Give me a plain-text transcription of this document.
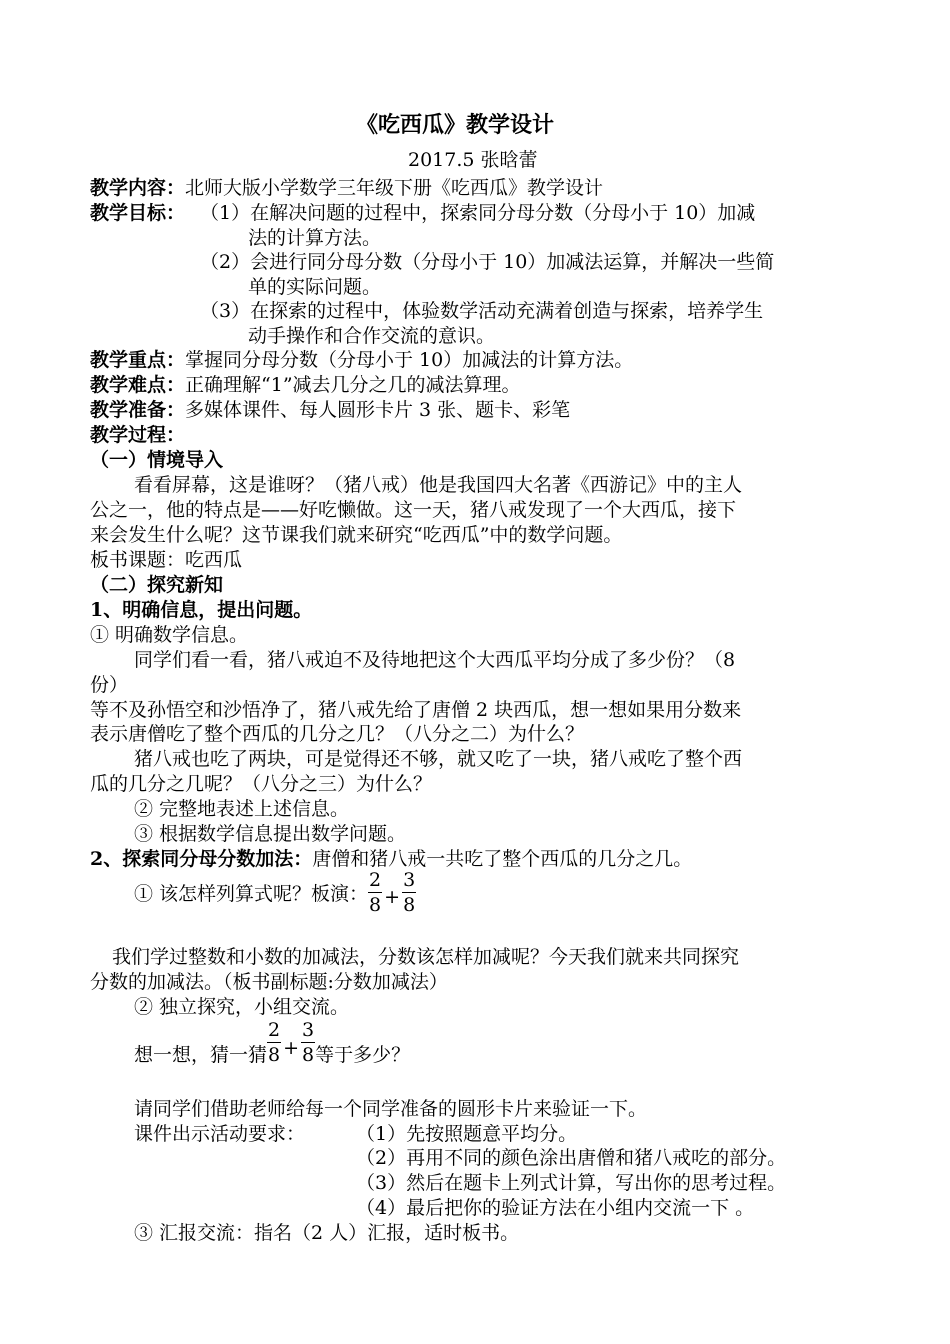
《吃西瓜》教学设计
2017.5 张晗蕾
教学内容：北师大版小学数学三年级下册《吃西瓜》教学设计
教学目标： （1）在解决问题的过程中，探索同分母分数（分母小于 10）加减
法的计算方法。
（2）会进行同分母分数（分母小于 10）加减法运算，并解决一些简
单的实际问题。
（3）在探索的过程中，体验数学活动充满着创造与探索，培养学生
动手操作和合作交流的意识。
教学重点：掌握同分母分数（分母小于 10）加减法的计算方法。
教学难点：正确理解“1”减去几分之几的减法算理。
教学准备：多媒体课件、每人圆形卡片 3 张、题卡、彩笔
教学过程：
（一）情境导入
看看屏幕，这是谁呀？（猪八戒）他是我国四大名著《西游记》中的主人
公之一，他的特点是——好吃懒做。这一天，猪八戒发现了一个大西瓜，接下
来会发生什么呢？这节课我们就来研究“吃西瓜”中的数学问题。
板书课题：吃西瓜
（二）探究新知
1、明确信息，提出问题。
① 明确数学信息。
同学们看一看，猪八戒迫不及待地把这个大西瓜平均分成了多少份？（8
份）
等不及孙悟空和沙悟净了，猪八戒先给了唐僧 2 块西瓜，想一想如果用分数来
表示唐僧吃了整个西瓜的几分之几？（八分之二）为什么？
猪八戒也吃了两块，可是觉得还不够，就又吃了一块，猪八戒吃了整个西
瓜的几分之几呢？（八分之三）为什么？
② 完整地表述上述信息。
③ 根据数学信息提出数学问题。
2、探索同分母分数加法：唐僧和猪八戒一共吃了整个西瓜的几分之几。
① 该怎样列算式呢？板演： $\frac{2}{8} + \frac{3}{8}$
我们学过整数和小数的加减法，分数该怎样加减呢？今天我们就来共同探究
分数的加减法。（板书副标题:分数加减法）
② 独立探究，小组交流。
想一想，猜一猜 $\frac{2}{8} + \frac{3}{8}$ 等于多少？
请同学们借助老师给每一个同学准备的圆形卡片来验证一下。
课件出示活动要求：	（1）先按照题意平均分。
（2）再用不同的颜色涂出唐僧和猪八戒吃的部分。
（3）然后在题卡上列式计算，写出你的思考过程。
（4）最后把你的验证方法在小组内交流一下 。
③ 汇报交流：指名（2 人）汇报，适时板书。
